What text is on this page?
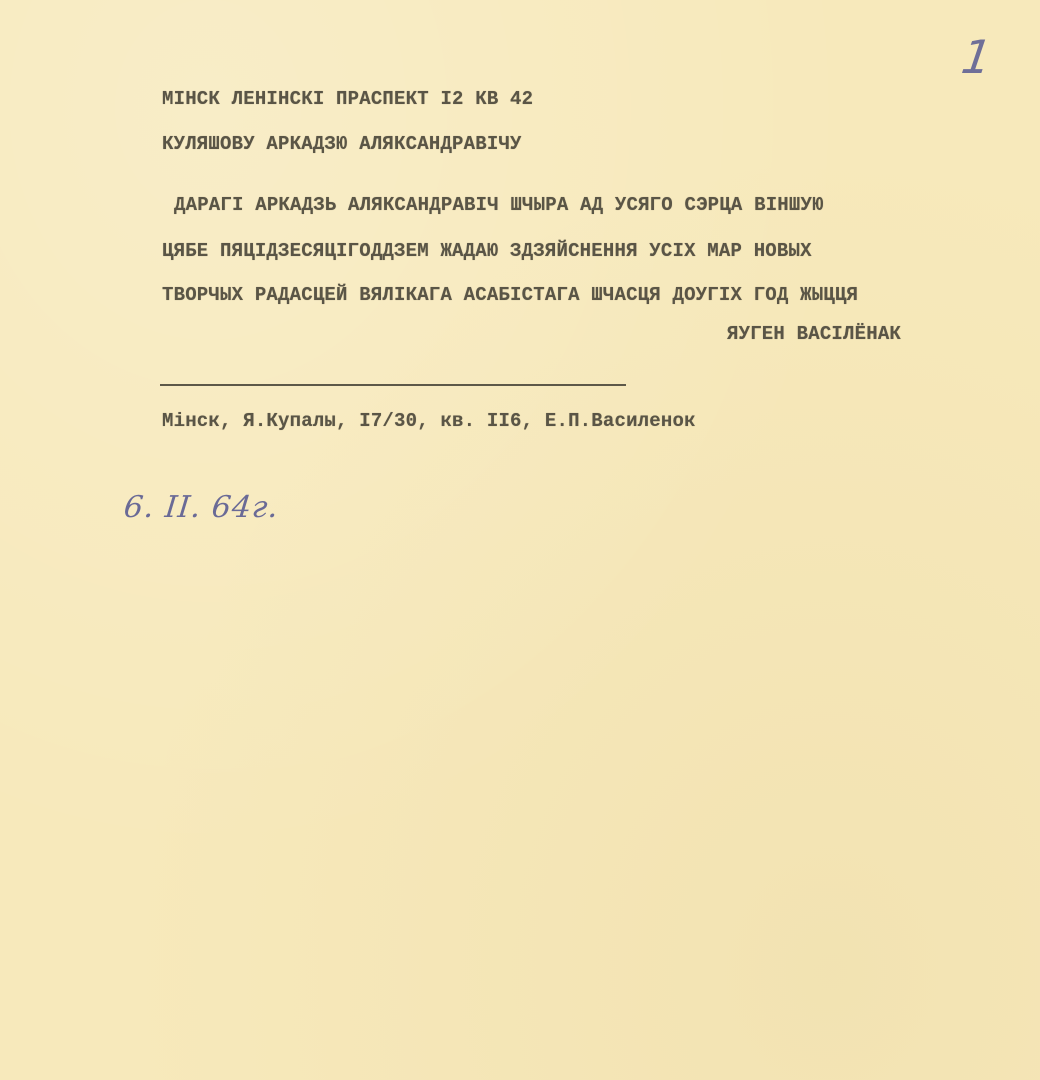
1
МІНСК ЛЕНІНСКІ ПРАСПЕКТ І2 КВ 42
КУЛЯШОВУ АРКАДЗЮ АЛЯКСАНДРАВІЧУ
ДАРАГІ АРКАДЗЬ АЛЯКСАНДРАВІЧ ШЧЫРА АД УСЯГО СЭРЦА ВІНШУЮ
ЦЯБЕ ПЯЦІДЗЕСЯЦІГОДДЗЕМ ЖАДАЮ ЗДЗЯЙСНЕННЯ УСІХ МАР НОВЫХ
ТВОРЧЫХ РАДАСЦЕЙ ВЯЛІКАГА АСАБІСТАГА ШЧАСЦЯ ДОУГІХ ГОД ЖЫЦЦЯ
ЯУГЕН ВАСІЛЁНАК
Мінск, Я.Купалы, І7/30, кв. ІІ6, Е.П.Василенок
6. II. 64г.
